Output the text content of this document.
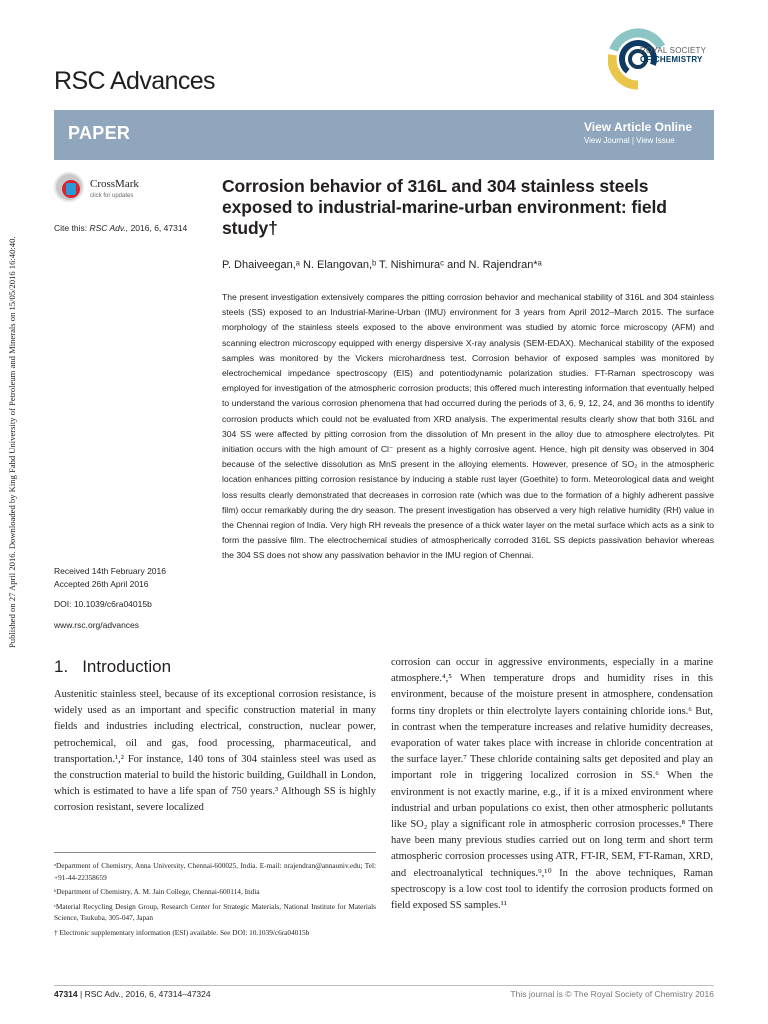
Published on 27 April 2016. Downloaded by King Fahd University of Petroleum and Minerals on 15/05/2016 16:40:40.
ROYAL SOCIETY
OF CHEMISTRY
RSC Advances
PAPER	View Article Online
View Journal | View Issue
CrossMark
click for updates
Cite this: RSC Adv., 2016, 6, 47314
Corrosion behavior of 316L and 304 stainless steels exposed to industrial-marine-urban environment: field study†
P. Dhaiveegan,ᵃ N. Elangovan,ᵇ T. Nishimuraᶜ and N. Rajendran*ᵃ
The present investigation extensively compares the pitting corrosion behavior and mechanical stability of 316L and 304 stainless steels (SS) exposed to an Industrial-Marine-Urban (IMU) environment for 3 years from April 2012–March 2015. The surface morphology of the stainless steels exposed to the above environment was studied by atomic force microscopy (AFM) and scanning electron microscopy equipped with energy dispersive X-ray analysis (SEM-EDAX). Mechanical stability of the exposed samples was monitored by the Vickers microhardness test. Corrosion behavior of exposed samples was monitored by electrochemical impedance spectroscopy (EIS) and potentiodynamic polarization studies. FT-Raman spectroscopy was employed for investigation of the atmospheric corrosion products; this offered much interesting information that eventually helped to understand the various corrosion phenomena that had occurred during the periods of 3, 6, 9, 12, 24, and 36 months to identify corrosion products which could not be evaluated from XRD analysis. The experimental results clearly show that both 316L and 304 SS were affected by pitting corrosion from the dissolution of Mn present in the alloy due to atmosphere electrolytes. Pit initiation occurs with the high amount of Cl⁻ present as a highly corrosive agent. Hence, high pit density was observed in 304 because of the selective dissolution as MnS present in the alloying elements. However, presence of SO₂ in the atmospheric location enhances pitting corrosion resistance by inducing a stable rust layer (Goethite) to form. Meteorological data and weight loss results clearly demonstrated that decreases in corrosion rate (which was due to the formation of a highly adherent passive film) occur remarkably during the dry season. The present investigation has observed a very high relative humidity (RH) value in the Chennai region of India. Very high RH reveals the presence of a thick water layer on the metal surface which acts as a sink to form the passive film. The electrochemical studies of atmospherically corroded 316L SS depicts passivation behavior whereas the 304 SS does not show any passivation behavior in the IMU region of Chennai.
Received 14th February 2016
Accepted 26th April 2016
DOI: 10.1039/c6ra04015b
www.rsc.org/advances
1. Introduction
Austenitic stainless steel, because of its exceptional corrosion resistance, is widely used as an important and specific construction material in many fields and industries including electrical, construction, nuclear power, petrochemical, oil and gas, food processing, pharmaceutical, and transportation.¹,² For instance, 140 tons of 304 stainless steel was used as the construction material to build the historic building, Guildhall in London, which is estimated to have a life span of 750 years.³ Although SS is highly corrosion resistant, severe localized
corrosion can occur in aggressive environments, especially in a marine atmosphere.⁴,⁵ When temperature drops and humidity rises in this environment, because of the moisture present in atmosphere, condensation forms tiny droplets or thin electrolyte layers containing chloride ions.⁶ But, in contrast when the temperature increases and relative humidity decreases, evaporation of water takes place with increase in chloride concentration at the surface layer.⁷ These chloride containing salts get deposited and play an important role in triggering localized corrosion in SS.⁶ When the environment is not exactly marine, e.g., if it is a mixed environment where industrial and urban populations co exist, then other atmospheric pollutants like SO₂ play a significant role in atmospheric corrosion processes.⁸ There have been many previous studies carried out on long term and short term atmospheric corrosion processes using ATR, FT-IR, SEM, FT-Raman, XRD, and electroanalytical techniques.⁹,¹⁰ In the above techniques, Raman spectroscopy is a low cost tool to identify the corrosion products formed on field exposed SS samples.¹¹

ᵃDepartment of Chemistry, Anna University, Chennai-600025, India. E-mail: nrajendran@annauniv.edu; Tel: +91-44-22358659

ᵇDepartment of Chemistry, A. M. Jain College, Chennai-600114, India

ᶜMaterial Recycling Design Group, Research Center for Strategic Materials, National Institute for Materials Science, Tsukuba, 305-047, Japan

† Electronic supplementary information (ESI) available. See DOI: 10.1039/c6ra04015b

47314 | RSC Adv., 2016, 6, 47314–47324	This journal is © The Royal Society of Chemistry 2016
